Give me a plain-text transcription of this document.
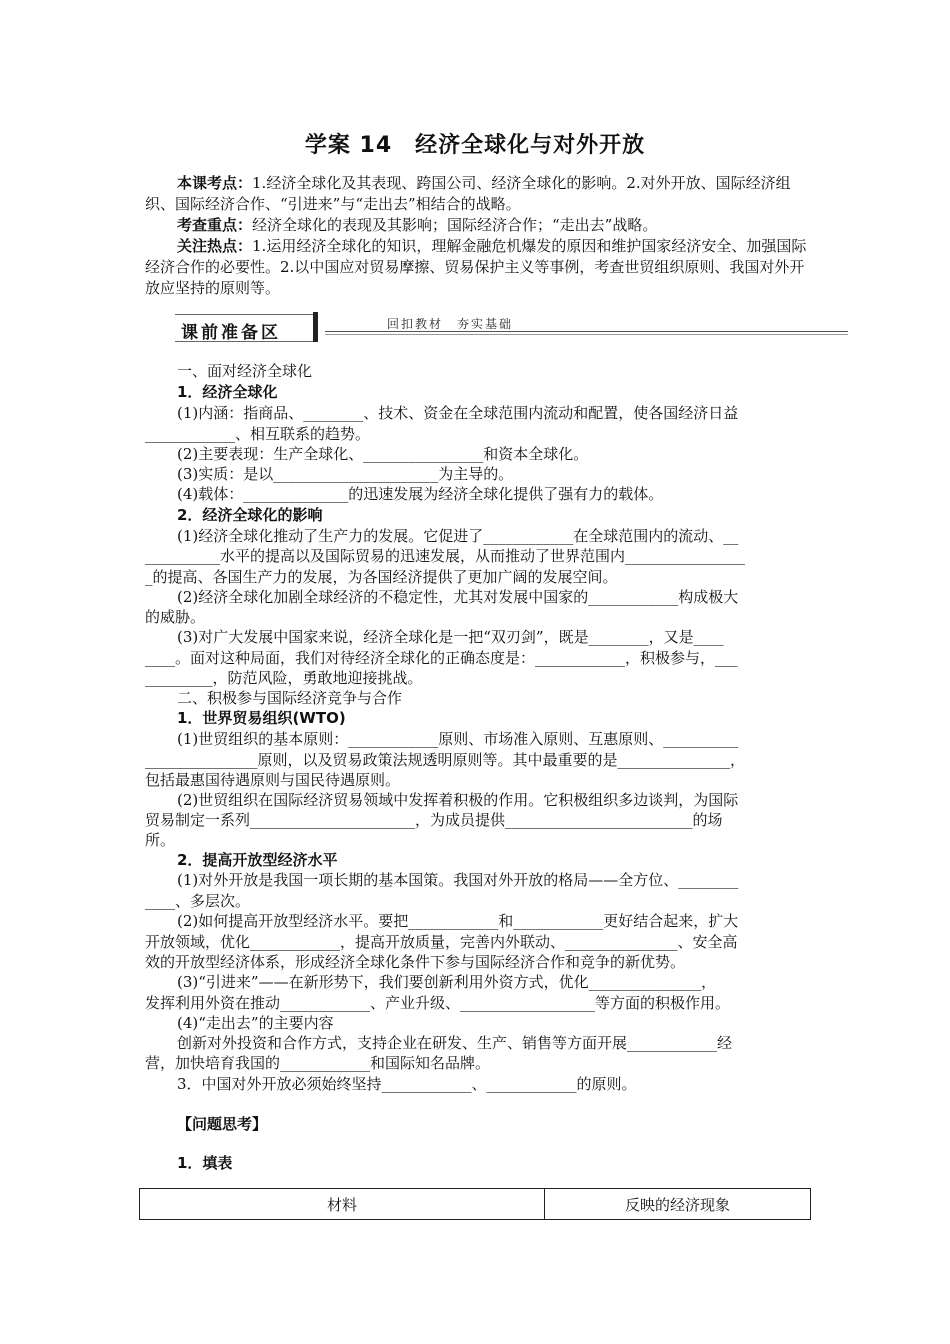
学案 14　经济全球化与对外开放
本课考点：1.经济全球化及其表现、跨国公司、经济全球化的影响。2.对外开放、国际经济组织、国际经济合作、“引进来”与“走出去”相结合的战略。
考查重点：经济全球化的表现及其影响；国际经济合作；“走出去”战略。
关注热点：1.运用经济全球化的知识，理解金融危机爆发的原因和维护国家经济安全、加强国际经济合作的必要性。2.以中国应对贸易摩擦、贸易保护主义等事例，考查世贸组织原则、我国对外开放应坚持的原则等。
课前准备区	回扣教材　夯实基础
一、面对经济全球化
1．经济全球化
(1)内涵：指商品、________、技术、资金在全球范围内流动和配置，使各国经济日益
____________、相互联系的趋势。
(2)主要表现：生产全球化、________________和资本全球化。
(3)实质：是以______________________为主导的。
(4)载体：______________的迅速发展为经济全球化提供了强有力的载体。
2．经济全球化的影响
(1)经济全球化推动了生产力的发展。它促进了____________在全球范围内的流动、__
__________水平的提高以及国际贸易的迅速发展，从而推动了世界范围内________________
_的提高、各国生产力的发展，为各国经济提供了更加广阔的发展空间。
(2)经济全球化加剧全球经济的不稳定性，尤其对发展中国家的____________构成极大
的威胁。
(3)对广大发展中国家来说，经济全球化是一把“双刃剑”，既是________，又是____
____。面对这种局面，我们对待经济全球化的正确态度是：____________，积极参与，___
_________，防范风险，勇敢地迎接挑战。
二、积极参与国际经济竞争与合作
1．世界贸易组织(WTO)
(1)世贸组织的基本原则：____________原则、市场准入原则、互惠原则、__________
_______________原则，以及贸易政策法规透明原则等。其中最重要的是_______________，
包括最惠国待遇原则与国民待遇原则。
(2)世贸组织在国际经济贸易领域中发挥着积极的作用。它积极组织多边谈判，为国际
贸易制定一系列______________________，为成员提供_________________________的场
所。
2．提高开放型经济水平
(1)对外开放是我国一项长期的基本国策。我国对外开放的格局——全方位、________
____、多层次。
(2)如何提高开放型经济水平。要把____________和____________更好结合起来，扩大
开放领域，优化____________，提高开放质量，完善内外联动、_______________、安全高
效的开放型经济体系，形成经济全球化条件下参与国际经济合作和竞争的新优势。
(3)“引进来”——在新形势下，我们要创新利用外资方式，优化_______________，
发挥利用外资在推动____________、产业升级、__________________等方面的积极作用。
(4)“走出去”的主要内容
创新对外投资和合作方式，支持企业在研发、生产、销售等方面开展____________经
营，加快培育我国的____________和国际知名品牌。
3．中国对外开放必须始终坚持____________、____________的原则。
【问题思考】
1．填表
材料	反映的经济现象
